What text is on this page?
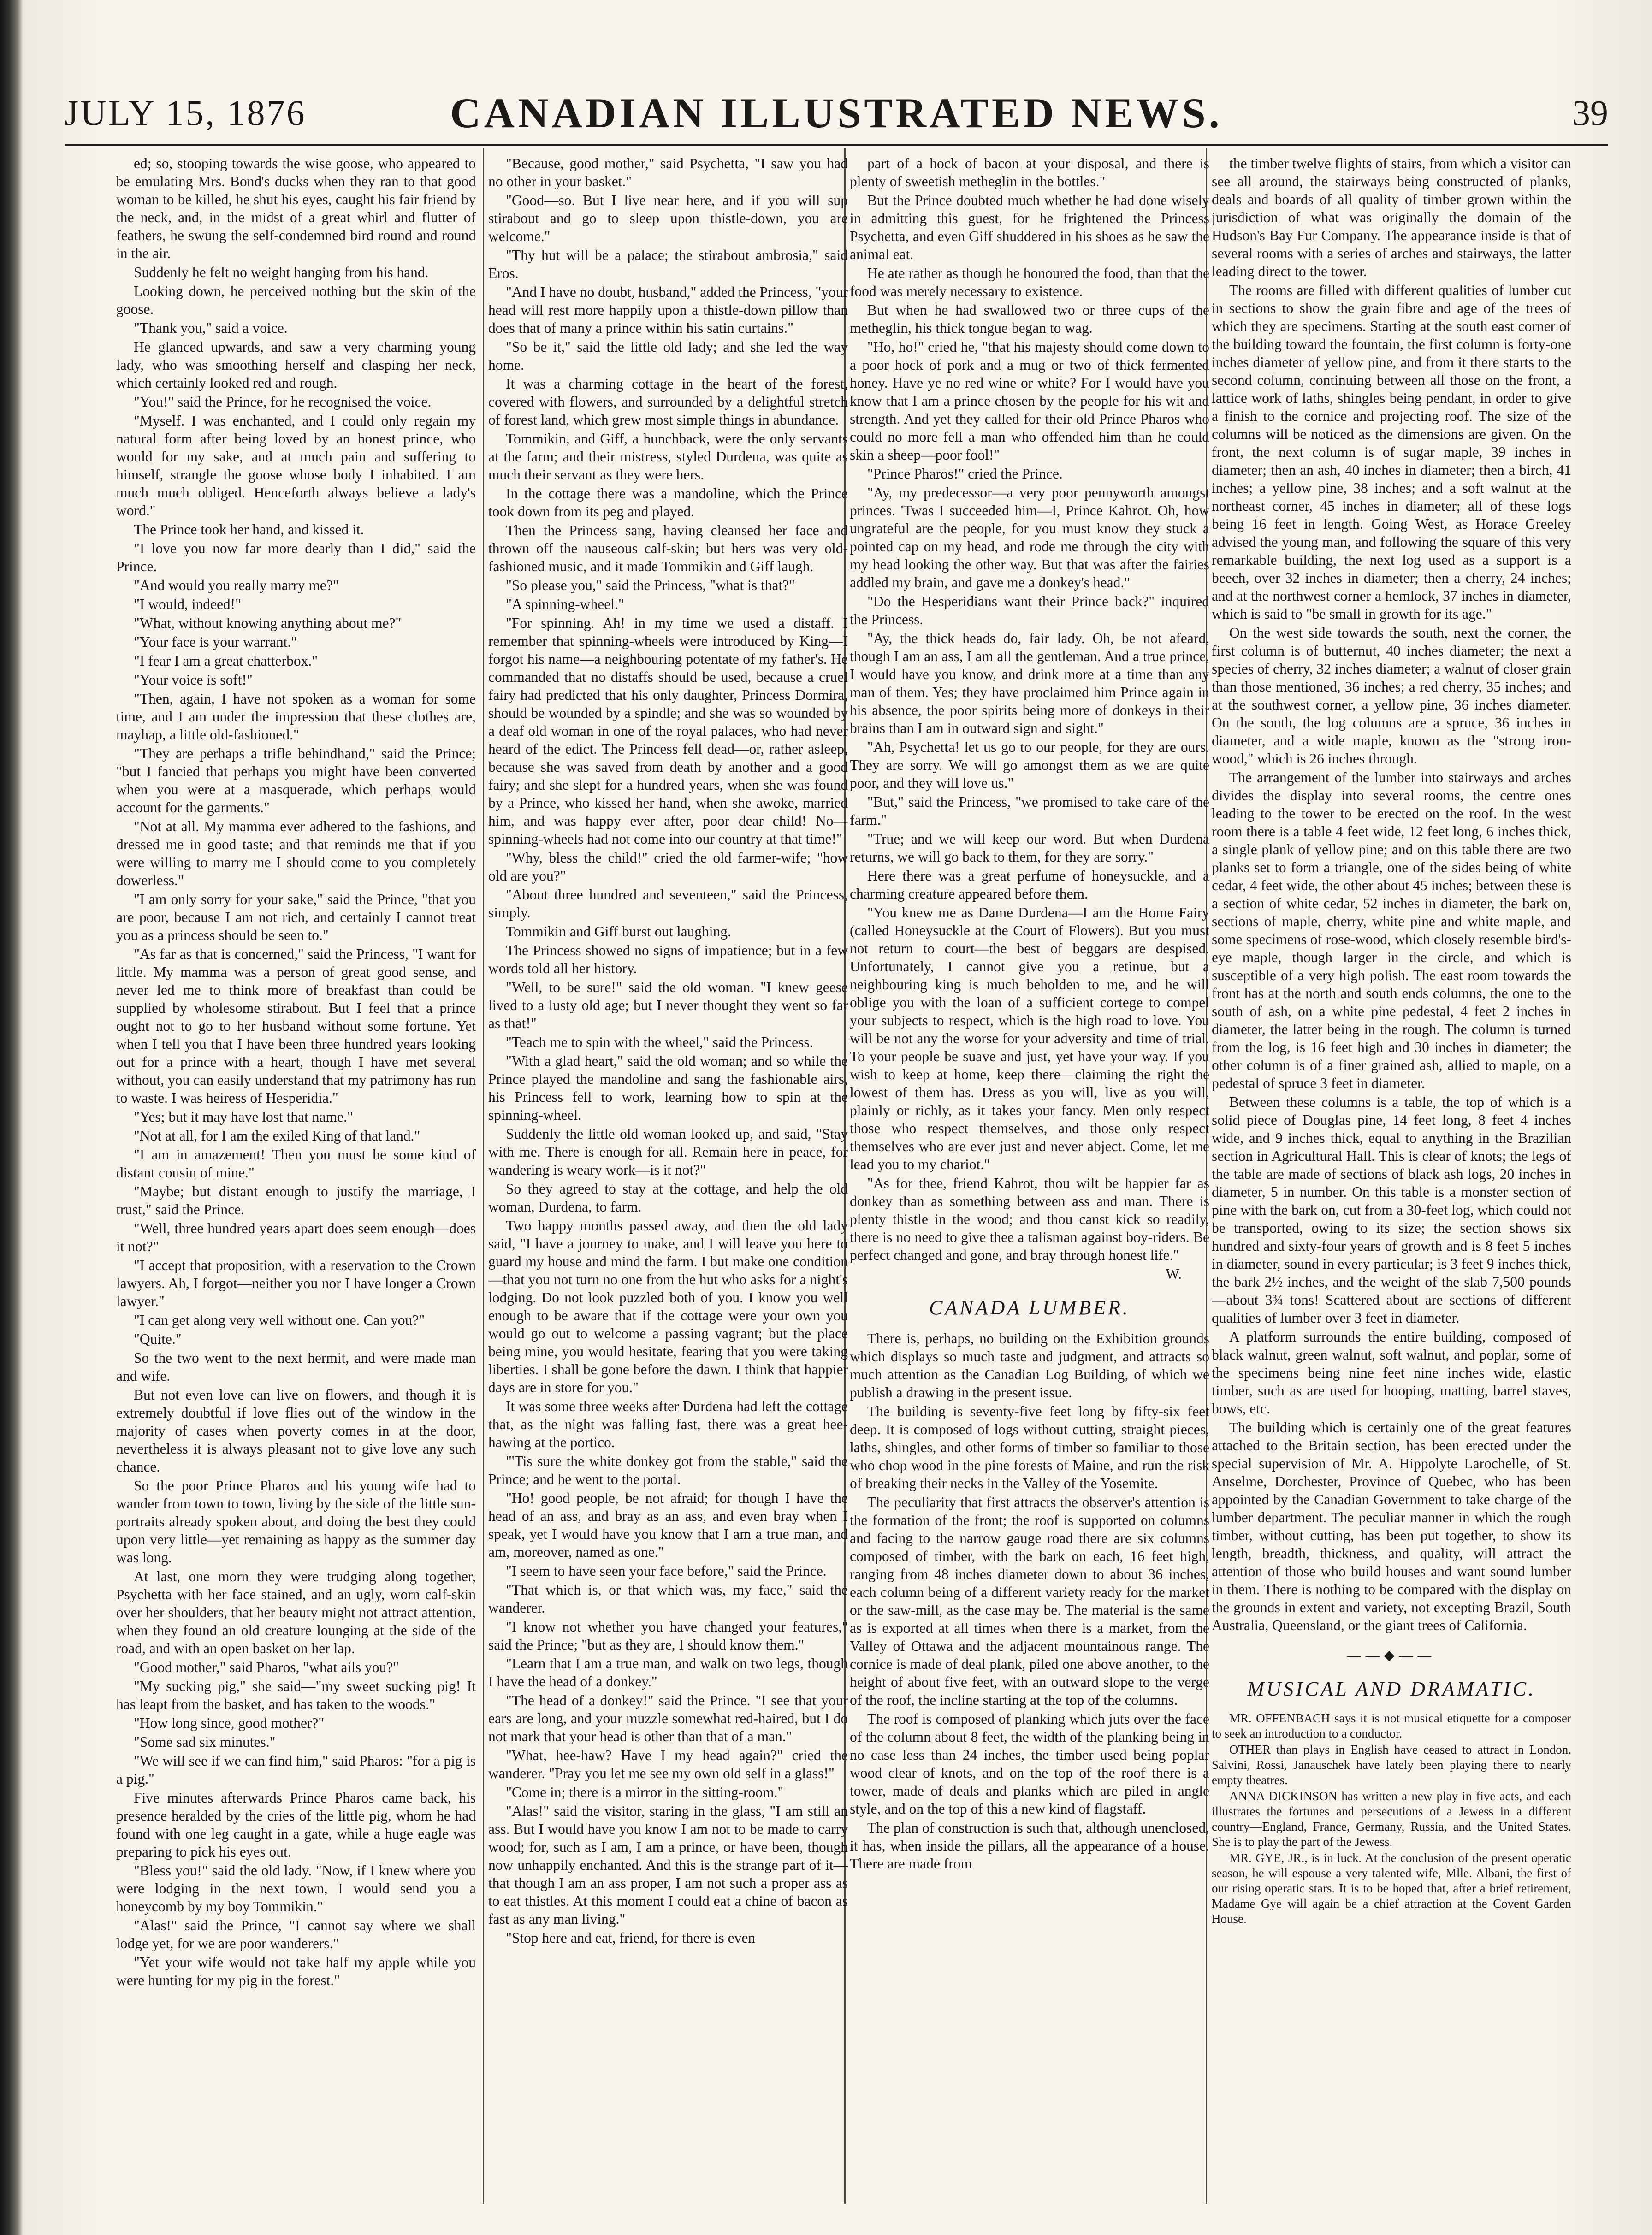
JULY 15, 1876	CANADIAN ILLUSTRATED NEWS.	39

ed; so, stooping towards the wise goose, who appeared to be emulating Mrs. Bond's ducks when they ran to that good woman to be killed, he shut his eyes, caught his fair friend by the neck, and, in the midst of a great whirl and flutter of feathers, he swung the self-condemned bird round and round in the air.

Suddenly he felt no weight hanging from his hand.

Looking down, he perceived nothing but the skin of the goose.

"Thank you," said a voice.

He glanced upwards, and saw a very charming young lady, who was smoothing herself and clasping her neck, which certainly looked red and rough.

"You!" said the Prince, for he recognised the voice.

"Myself. I was enchanted, and I could only regain my natural form after being loved by an honest prince, who would for my sake, and at much pain and suffering to himself, strangle the goose whose body I inhabited. I am much much obliged. Henceforth always believe a lady's word."

The Prince took her hand, and kissed it.

"I love you now far more dearly than I did," said the Prince.

"And would you really marry me?"

"I would, indeed!"

"What, without knowing anything about me?"

"Your face is your warrant."

"I fear I am a great chatterbox."

"Your voice is soft!"

"Then, again, I have not spoken as a woman for some time, and I am under the impression that these clothes are, mayhap, a little old-fashioned."

"They are perhaps a trifle behindhand," said the Prince; "but I fancied that perhaps you might have been converted when you were at a masquerade, which perhaps would account for the garments."

"Not at all. My mamma ever adhered to the fashions, and dressed me in good taste; and that reminds me that if you were willing to marry me I should come to you completely dowerless."

"I am only sorry for your sake," said the Prince, "that you are poor, because I am not rich, and certainly I cannot treat you as a princess should be seen to."

"As far as that is concerned," said the Princess, "I want for little. My mamma was a person of great good sense, and never led me to think more of breakfast than could be supplied by wholesome stirabout. But I feel that a prince ought not to go to her husband without some fortune. Yet when I tell you that I have been three hundred years looking out for a prince with a heart, though I have met several without, you can easily understand that my patrimony has run to waste. I was heiress of Hesperidia."

"Yes; but it may have lost that name."

"Not at all, for I am the exiled King of that land."

"I am in amazement! Then you must be some kind of distant cousin of mine."

"Maybe; but distant enough to justify the marriage, I trust," said the Prince.

"Well, three hundred years apart does seem enough—does it not?"

"I accept that proposition, with a reservation to the Crown lawyers. Ah, I forgot—neither you nor I have longer a Crown lawyer."

"I can get along very well without one. Can you?"

"Quite."

So the two went to the next hermit, and were made man and wife.

But not even love can live on flowers, and though it is extremely doubtful if love flies out of the window in the majority of cases when poverty comes in at the door, nevertheless it is always pleasant not to give love any such chance.

So the poor Prince Pharos and his young wife had to wander from town to town, living by the side of the little sun-portraits already spoken about, and doing the best they could upon very little—yet remaining as happy as the summer day was long.

At last, one morn they were trudging along together, Psychetta with her face stained, and an ugly, worn calf-skin over her shoulders, that her beauty might not attract attention, when they found an old creature lounging at the side of the road, and with an open basket on her lap.

"Good mother," said Pharos, "what ails you?"

"My sucking pig," she said—"my sweet sucking pig! It has leapt from the basket, and has taken to the woods."

"How long since, good mother?"

"Some sad six minutes."

"We will see if we can find him," said Pharos: "for a pig is a pig."

Five minutes afterwards Prince Pharos came back, his presence heralded by the cries of the little pig, whom he had found with one leg caught in a gate, while a huge eagle was preparing to pick his eyes out.

"Bless you!" said the old lady. "Now, if I knew where you were lodging in the next town, I would send you a honeycomb by my boy Tommikin."

"Alas!" said the Prince, "I cannot say where we shall lodge yet, for we are poor wanderers."

"Yet your wife would not take half my apple while you were hunting for my pig in the forest."

"Because, good mother," said Psychetta, "I saw you had no other in your basket."

"Good—so. But I live near here, and if you will sup stirabout and go to sleep upon thistle-down, you are welcome."

"Thy hut will be a palace; the stirabout ambrosia," said Eros.

"And I have no doubt, husband," added the Princess, "your head will rest more happily upon a thistle-down pillow than does that of many a prince within his satin curtains."

"So be it," said the little old lady; and she led the way home.

It was a charming cottage in the heart of the forest, covered with flowers, and surrounded by a delightful stretch of forest land, which grew most simple things in abundance.

Tommikin, and Giff, a hunchback, were the only servants at the farm; and their mistress, styled Durdena, was quite as much their servant as they were hers.

In the cottage there was a mandoline, which the Prince took down from its peg and played.

Then the Princess sang, having cleansed her face and thrown off the nauseous calf-skin; but hers was very old-fashioned music, and it made Tommikin and Giff laugh.

"So please you," said the Princess, "what is that?"

"A spinning-wheel."

"For spinning. Ah! in my time we used a distaff. I remember that spinning-wheels were introduced by King—I forgot his name—a neighbouring potentate of my father's. He commanded that no distaffs should be used, because a cruel fairy had predicted that his only daughter, Princess Dormira, should be wounded by a spindle; and she was so wounded by a deaf old woman in one of the royal palaces, who had never heard of the edict. The Princess fell dead—or, rather asleep, because she was saved from death by another and a good fairy; and she slept for a hundred years, when she was found by a Prince, who kissed her hand, when she awoke, married him, and was happy ever after, poor dear child! No—spinning-wheels had not come into our country at that time!"

"Why, bless the child!" cried the old farmer-wife; "how old are you?"

"About three hundred and seventeen," said the Princess, simply.

Tommikin and Giff burst out laughing.

The Princess showed no signs of impatience; but in a few words told all her history.

"Well, to be sure!" said the old woman. "I knew geese lived to a lusty old age; but I never thought they went so far as that!"

"Teach me to spin with the wheel," said the Princess.

"With a glad heart," said the old woman; and so while the Prince played the mandoline and sang the fashionable airs, his Princess fell to work, learning how to spin at the spinning-wheel.

Suddenly the little old woman looked up, and said, "Stay with me. There is enough for all. Remain here in peace, for wandering is weary work—is it not?"

So they agreed to stay at the cottage, and help the old woman, Durdena, to farm.

Two happy months passed away, and then the old lady said, "I have a journey to make, and I will leave you here to guard my house and mind the farm. I but make one condition—that you not turn no one from the hut who asks for a night's lodging. Do not look puzzled both of you. I know you well enough to be aware that if the cottage were your own you would go out to welcome a passing vagrant; but the place being mine, you would hesitate, fearing that you were taking liberties. I shall be gone before the dawn. I think that happier days are in store for you."

It was some three weeks after Durdena had left the cottage that, as the night was falling fast, there was a great hee-hawing at the portico.

"'Tis sure the white donkey got from the stable," said the Prince; and he went to the portal.

"Ho! good people, be not afraid; for though I have the head of an ass, and bray as an ass, and even bray when I speak, yet I would have you know that I am a true man, and am, moreover, named as one."

"I seem to have seen your face before," said the Prince.

"That which is, or that which was, my face," said the wanderer.

"I know not whether you have changed your features," said the Prince; "but as they are, I should know them."

"Learn that I am a true man, and walk on two legs, though I have the head of a donkey."

"The head of a donkey!" said the Prince. "I see that your ears are long, and your muzzle somewhat red-haired, but I do not mark that your head is other than that of a man."

"What, hee-haw? Have I my head again?" cried the wanderer. "Pray you let me see my own old self in a glass!"

"Come in; there is a mirror in the sitting-room."

"Alas!" said the visitor, staring in the glass, "I am still an ass. But I would have you know I am not to be made to carry wood; for, such as I am, I am a prince, or have been, though now unhappily enchanted. And this is the strange part of it—that though I am an ass proper, I am not such a proper ass as to eat thistles. At this moment I could eat a chine of bacon as fast as any man living."

"Stop here and eat, friend, for there is even

part of a hock of bacon at your disposal, and there is plenty of sweetish metheglin in the bottles."

But the Prince doubted much whether he had done wisely in admitting this guest, for he frightened the Princess Psychetta, and even Giff shuddered in his shoes as he saw the animal eat.

He ate rather as though he honoured the food, than that the food was merely necessary to existence.

But when he had swallowed two or three cups of the metheglin, his thick tongue began to wag.

"Ho, ho!" cried he, "that his majesty should come down to a poor hock of pork and a mug or two of thick fermented honey. Have ye no red wine or white? For I would have you know that I am a prince chosen by the people for his wit and strength. And yet they called for their old Prince Pharos who could no more fell a man who offended him than he could skin a sheep—poor fool!"

"Prince Pharos!" cried the Prince.

"Ay, my predecessor—a very poor pennyworth amongst princes. 'Twas I succeeded him—I, Prince Kahrot. Oh, how ungrateful are the people, for you must know they stuck a pointed cap on my head, and rode me through the city with my head looking the other way. But that was after the fairies addled my brain, and gave me a donkey's head."

"Do the Hesperidians want their Prince back?" inquired the Princess.

"Ay, the thick heads do, fair lady. Oh, be not afeard, though I am an ass, I am all the gentleman. And a true prince, I would have you know, and drink more at a time than any man of them. Yes; they have proclaimed him Prince again in his absence, the poor spirits being more of donkeys in their brains than I am in outward sign and sight."

"Ah, Psychetta! let us go to our people, for they are ours. They are sorry. We will go amongst them as we are quite poor, and they will love us."

"But," said the Princess, "we promised to take care of the farm."

"True; and we will keep our word. But when Durdena returns, we will go back to them, for they are sorry."

Here there was a great perfume of honeysuckle, and a charming creature appeared before them.

"You knew me as Dame Durdena—I am the Home Fairy (called Honeysuckle at the Court of Flowers). But you must not return to court—the best of beggars are despised. Unfortunately, I cannot give you a retinue, but a neighbouring king is much beholden to me, and he will oblige you with the loan of a sufficient cortege to compel your subjects to respect, which is the high road to love. You will be not any the worse for your adversity and time of trial. To your people be suave and just, yet have your way. If you wish to keep at home, keep there—claiming the right the lowest of them has. Dress as you will, live as you will, plainly or richly, as it takes your fancy. Men only respect those who respect themselves, and those only respect themselves who are ever just and never abject. Come, let me lead you to my chariot."

"As for thee, friend Kahrot, thou wilt be happier far as donkey than as something between ass and man. There is plenty thistle in the wood; and thou canst kick so readily, there is no need to give thee a talisman against boy-riders. Be perfect changed and gone, and bray through honest life."

W.

CANADA LUMBER.

There is, perhaps, no building on the Exhibition grounds which displays so much taste and judgment, and attracts so much attention as the Canadian Log Building, of which we publish a drawing in the present issue.

The building is seventy-five feet long by fifty-six feet deep. It is composed of logs without cutting, straight pieces, laths, shingles, and other forms of timber so familiar to those who chop wood in the pine forests of Maine, and run the risk of breaking their necks in the Valley of the Yosemite.

The peculiarity that first attracts the observer's attention is the formation of the front; the roof is supported on columns and facing to the narrow gauge road there are six columns composed of timber, with the bark on each, 16 feet high, ranging from 48 inches diameter down to about 36 inches, each column being of a different variety ready for the market or the saw-mill, as the case may be. The material is the same as is exported at all times when there is a market, from the Valley of Ottawa and the adjacent mountainous range. The cornice is made of deal plank, piled one above another, to the height of about five feet, with an outward slope to the verge of the roof, the incline starting at the top of the columns.

The roof is composed of planking which juts over the face of the column about 8 feet, the width of the planking being in no case less than 24 inches, the timber used being poplar wood clear of knots, and on the top of the roof there is a tower, made of deals and planks which are piled in angle style, and on the top of this a new kind of flagstaff.

The plan of construction is such that, although unenclosed, it has, when inside the pillars, all the appearance of a house. There are made from

the timber twelve flights of stairs, from which a visitor can see all around, the stairways being constructed of planks, deals and boards of all quality of timber grown within the jurisdiction of what was originally the domain of the Hudson's Bay Fur Company. The appearance inside is that of several rooms with a series of arches and stairways, the latter leading direct to the tower.

The rooms are filled with different qualities of lumber cut in sections to show the grain fibre and age of the trees of which they are specimens. Starting at the south east corner of the building toward the fountain, the first column is forty-one inches diameter of yellow pine, and from it there starts to the second column, continuing between all those on the front, a lattice work of laths, shingles being pendant, in order to give a finish to the cornice and projecting roof. The size of the columns will be noticed as the dimensions are given. On the front, the next column is of sugar maple, 39 inches in diameter; then an ash, 40 inches in diameter; then a birch, 41 inches; a yellow pine, 38 inches; and a soft walnut at the northeast corner, 45 inches in diameter; all of these logs being 16 feet in length. Going West, as Horace Greeley advised the young man, and following the square of this very remarkable building, the next log used as a support is a beech, over 32 inches in diameter; then a cherry, 24 inches; and at the northwest corner a hemlock, 37 inches in diameter, which is said to "be small in growth for its age."

On the west side towards the south, next the corner, the first column is of butternut, 40 inches diameter; the next a species of cherry, 32 inches diameter; a walnut of closer grain than those mentioned, 36 inches; a red cherry, 35 inches; and at the southwest corner, a yellow pine, 36 inches diameter. On the south, the log columns are a spruce, 36 inches in diameter, and a wide maple, known as the "strong iron-wood," which is 26 inches through.

The arrangement of the lumber into stairways and arches divides the display into several rooms, the centre ones leading to the tower to be erected on the roof. In the west room there is a table 4 feet wide, 12 feet long, 6 inches thick, a single plank of yellow pine; and on this table there are two planks set to form a triangle, one of the sides being of white cedar, 4 feet wide, the other about 45 inches; between these is a section of white cedar, 52 inches in diameter, the bark on, sections of maple, cherry, white pine and white maple, and some specimens of rose-wood, which closely resemble bird's-eye maple, though larger in the circle, and which is susceptible of a very high polish. The east room towards the front has at the north and south ends columns, the one to the south of ash, on a white pine pedestal, 4 feet 2 inches in diameter, the latter being in the rough. The column is turned from the log, is 16 feet high and 30 inches in diameter; the other column is of a finer grained ash, allied to maple, on a pedestal of spruce 3 feet in diameter.

Between these columns is a table, the top of which is a solid piece of Douglas pine, 14 feet long, 8 feet 4 inches wide, and 9 inches thick, equal to anything in the Brazilian section in Agricultural Hall. This is clear of knots; the legs of the table are made of sections of black ash logs, 20 inches in diameter, 5 in number. On this table is a monster section of pine with the bark on, cut from a 30-feet log, which could not be transported, owing to its size; the section shows six hundred and sixty-four years of growth and is 8 feet 5 inches in diameter, sound in every particular; is 3 feet 9 inches thick, the bark 2½ inches, and the weight of the slab 7,500 pounds—about 3¾ tons! Scattered about are sections of different qualities of lumber over 3 feet in diameter.

A platform surrounds the entire building, composed of black walnut, green walnut, soft walnut, and poplar, some of the specimens being nine feet nine inches wide, elastic timber, such as are used for hooping, matting, barrel staves, bows, etc.

The building which is certainly one of the great features attached to the Britain section, has been erected under the special supervision of Mr. A. Hippolyte Larochelle, of St. Anselme, Dorchester, Province of Quebec, who has been appointed by the Canadian Government to take charge of the lumber department. The peculiar manner in which the rough timber, without cutting, has been put together, to show its length, breadth, thickness, and quality, will attract the attention of those who build houses and want sound lumber in them. There is nothing to be compared with the display on the grounds in extent and variety, not excepting Brazil, South Australia, Queensland, or the giant trees of California.

——◆——
MUSICAL AND DRAMATIC.

MR. OFFENBACH says it is not musical etiquette for a composer to seek an introduction to a conductor.

OTHER than plays in English have ceased to attract in London. Salvini, Rossi, Janauschek have lately been playing there to nearly empty theatres.

ANNA DICKINSON has written a new play in five acts, and each illustrates the fortunes and persecutions of a Jewess in a different country—England, France, Germany, Russia, and the United States. She is to play the part of the Jewess.

MR. GYE, JR., is in luck. At the conclusion of the present operatic season, he will espouse a very talented wife, Mlle. Albani, the first of our rising operatic stars. It is to be hoped that, after a brief retirement, Madame Gye will again be a chief attraction at the Covent Garden House.
